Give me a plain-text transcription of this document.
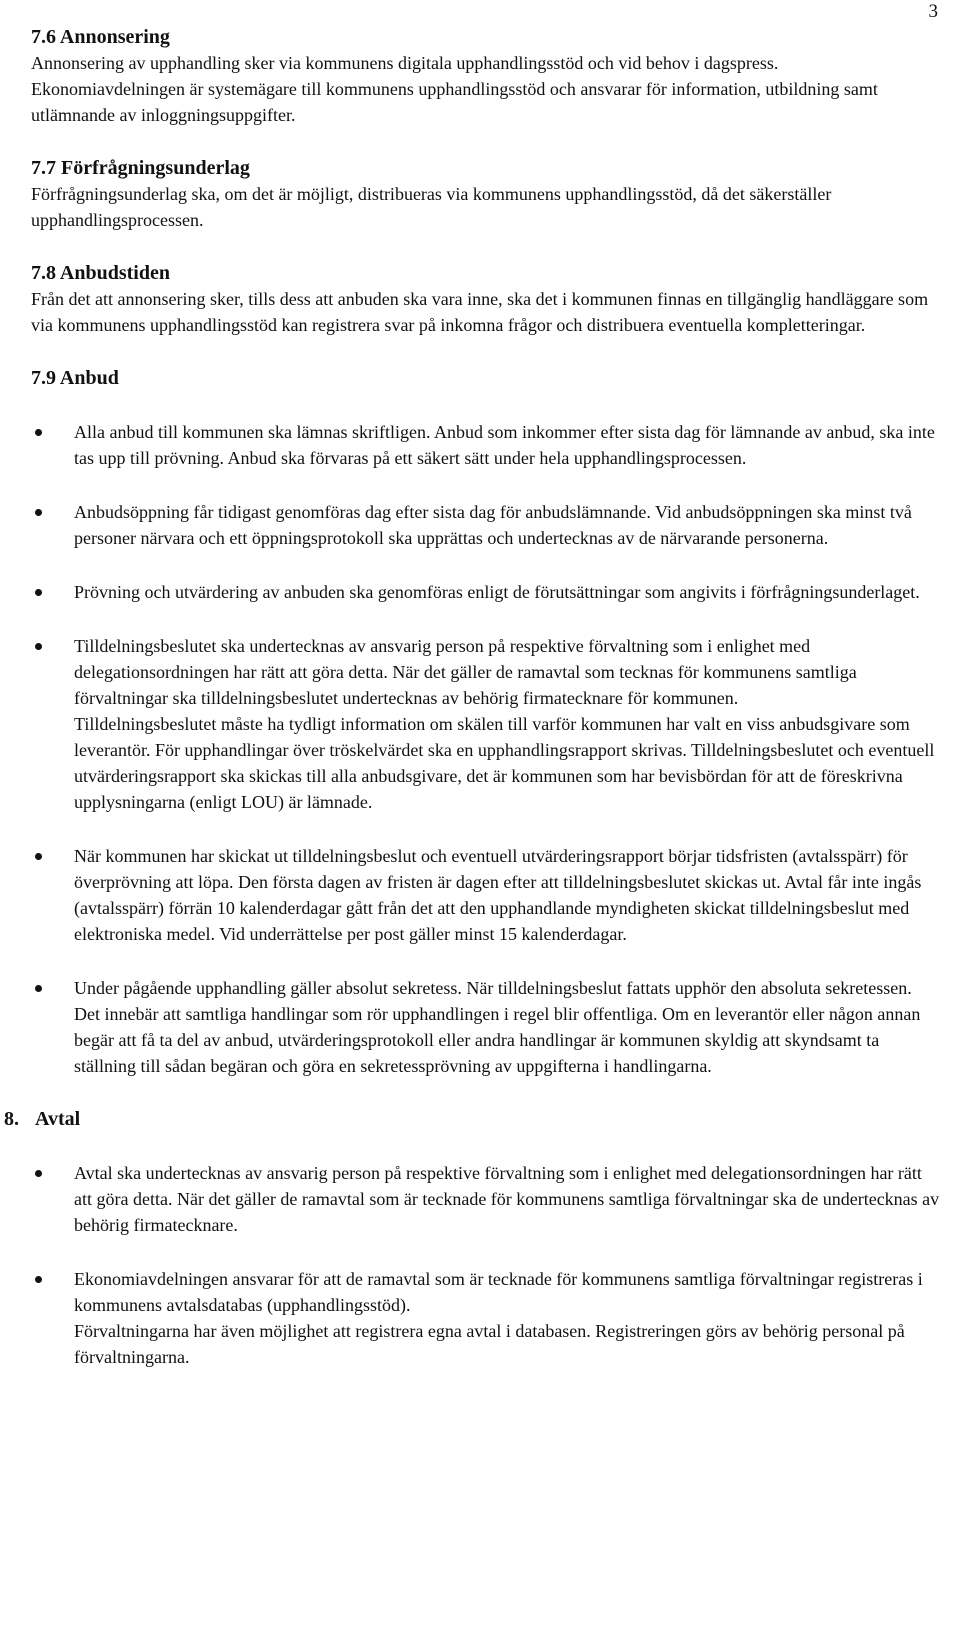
3

7.6 Annonsering

Annonsering av upphandling sker via kommunens digitala upphandlingsstöd och vid behov i dagspress.

Ekonomiavdelningen är systemägare till kommunens upphandlingsstöd och ansvarar för information, utbildning samt utlämnande av inloggningsuppgifter.

7.7 Förfrågningsunderlag

Förfrågningsunderlag ska, om det är möjligt, distribueras via kommunens upphandlingsstöd, då det säkerställer upphandlingsprocessen.

7.8 Anbudstiden

Från det att annonsering sker, tills dess att anbuden ska vara inne, ska det i kommunen finnas en tillgänglig handläggare som via kommunens upphandlingsstöd kan registrera svar på inkomna frågor och distribuera eventuella kompletteringar.

7.9 Anbud

Alla anbud till kommunen ska lämnas skriftligen. Anbud som inkommer efter sista dag för lämnande av anbud, ska inte tas upp till prövning. Anbud ska förvaras på ett säkert sätt under hela upphandlingsprocessen.
Anbudsöppning får tidigast genomföras dag efter sista dag för anbudslämnande. Vid anbudsöppningen ska minst två personer närvara och ett öppningsprotokoll ska upprättas och undertecknas av de närvarande personerna.
Prövning och utvärdering av anbuden ska genomföras enligt de förutsättningar som angivits i förfrågningsunderlaget.
Tilldelningsbeslutet ska undertecknas av ansvarig person på respektive förvaltning som i enlighet med delegationsordningen har rätt att göra detta. När det gäller de ramavtal som tecknas för kommunens samtliga förvaltningar ska tilldelningsbeslutet undertecknas av behörig firmatecknare för kommunen.
Tilldelningsbeslutet måste ha tydligt information om skälen till varför kommunen har valt en viss anbudsgivare som leverantör. För upphandlingar över tröskelvärdet ska en upphandlingsrapport skrivas. Tilldelningsbeslutet och eventuell utvärderingsrapport ska skickas till alla anbudsgivare, det är kommunen som har bevisbördan för att de föreskrivna upplysningarna (enligt LOU) är lämnade.
När kommunen har skickat ut tilldelningsbeslut och eventuell utvärderingsrapport börjar tidsfristen (avtalsspärr) för överprövning att löpa. Den första dagen av fristen är dagen efter att tilldelningsbeslutet skickas ut. Avtal får inte ingås (avtalsspärr) förrän 10 kalenderdagar gått från det att den upphandlande myndigheten skickat tilldelningsbeslut med elektroniska medel. Vid underrättelse per post gäller minst 15 kalenderdagar.
Under pågående upphandling gäller absolut sekretess. När tilldelningsbeslut fattats upphör den absoluta sekretessen. Det innebär att samtliga handlingar som rör upphandlingen i regel blir offentliga. Om en leverantör eller någon annan begär att få ta del av anbud, utvärderingsprotokoll eller andra handlingar är kommunen skyldig att skyndsamt ta ställning till sådan begäran och göra en sekretessprövning av uppgifterna i handlingarna.

8. Avtal

Avtal ska undertecknas av ansvarig person på respektive förvaltning som i enlighet med delegationsordningen har rätt att göra detta. När det gäller de ramavtal som är tecknade för kommunens samtliga förvaltningar ska de undertecknas av behörig firmatecknare.
Ekonomiavdelningen ansvarar för att de ramavtal som är tecknade för kommunens samtliga förvaltningar registreras i kommunens avtalsdatabas (upphandlingsstöd).
Förvaltningarna har även möjlighet att registrera egna avtal i databasen. Registreringen görs av behörig personal på förvaltningarna.
